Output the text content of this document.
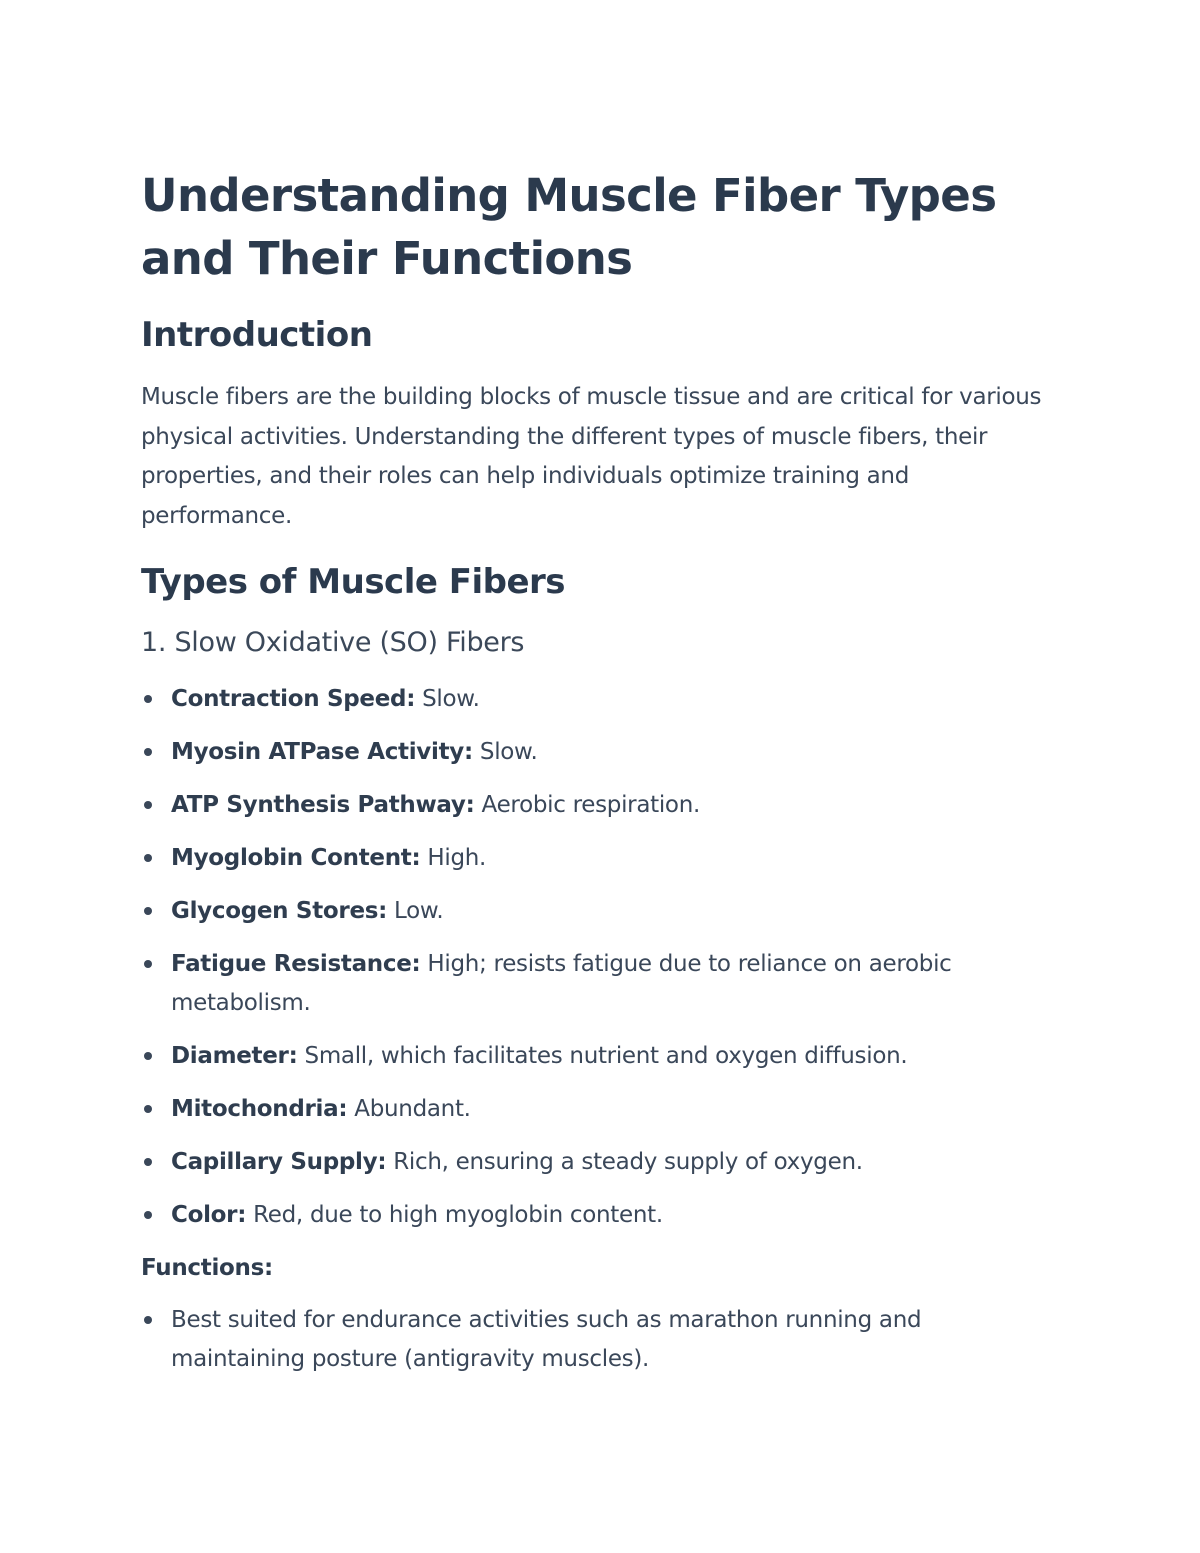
Understanding Muscle Fiber Types and Their Functions
Introduction

Muscle fibers are the building blocks of muscle tissue and are critical for various physical activities. Understanding the different types of muscle fibers, their properties, and their roles can help individuals optimize training and performance.

Types of Muscle Fibers
1. Slow Oxidative (SO) Fibers
Contraction Speed: Slow.
Myosin ATPase Activity: Slow.
ATP Synthesis Pathway: Aerobic respiration.
Myoglobin Content: High.
Glycogen Stores: Low.
Fatigue Resistance: High; resists fatigue due to reliance on aerobic metabolism.
Diameter: Small, which facilitates nutrient and oxygen diffusion.
Mitochondria: Abundant.
Capillary Supply: Rich, ensuring a steady supply of oxygen.
Color: Red, due to high myoglobin content.
Functions:
Best suited for endurance activities such as marathon running and maintaining posture (antigravity muscles).
